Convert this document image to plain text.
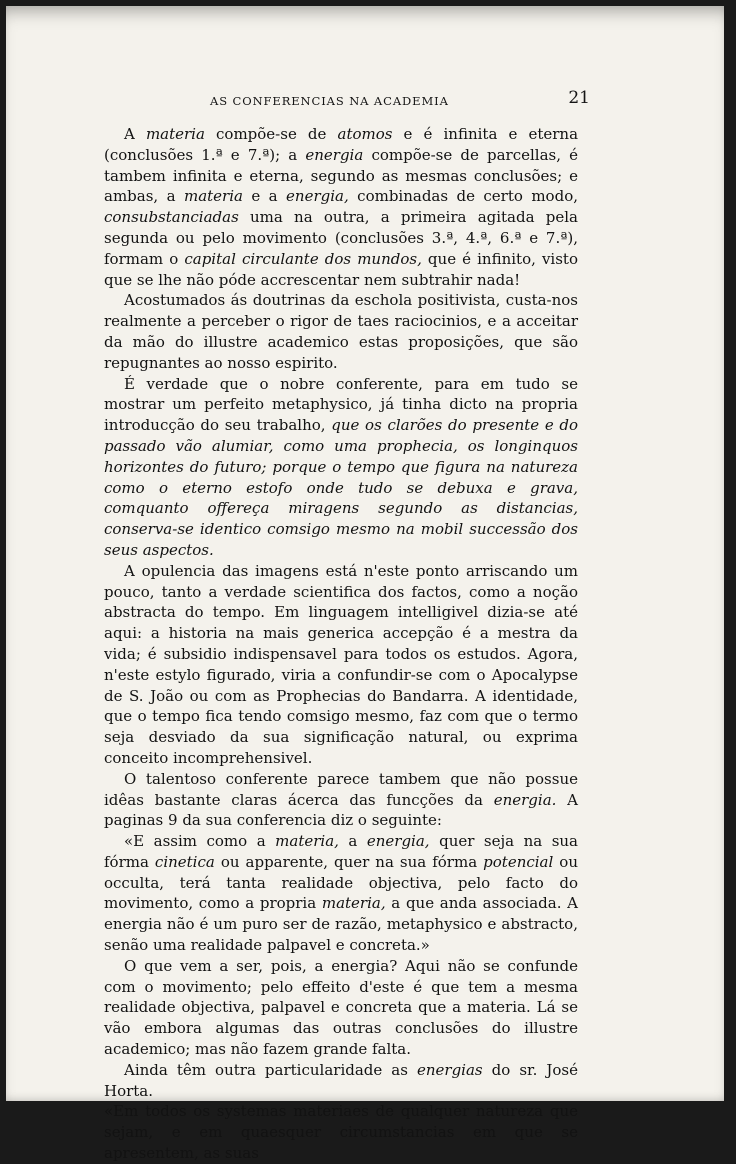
AS CONFERENCIAS NA ACADEMIA	21

A materia compõe-se de atomos e é infinita e eterna (conclusões 1.ª e 7.ª); a energia compõe-se de parcellas, é tambem infinita e eterna, segundo as mesmas conclusões; e ambas, a materia e a energia, combinadas de certo modo, consubstanciadas uma na outra, a primeira agitada pela segunda ou pelo movimento (conclusões 3.ª, 4.ª, 6.ª e 7.ª), formam o capital circulante dos mundos, que é infinito, visto que se lhe não póde accrescentar nem subtrahir nada!

Acostumados ás doutrinas da eschola positivista, custa-nos realmente a perceber o rigor de taes raciocinios, e a acceitar da mão do illustre academico estas proposições, que são repugnantes ao nosso espirito.

É verdade que o nobre conferente, para em tudo se mostrar um perfeito metaphysico, já tinha dicto na propria introducção do seu trabalho, que os clarões do presente e do passado vão alumiar, como uma prophecia, os longinquos horizontes do futuro; porque o tempo que figura na natureza como o eterno estofo onde tudo se debuxa e grava, comquanto offereça miragens segundo as distancias, conserva-se identico comsigo mesmo na mobil successão dos seus aspectos.

A opulencia das imagens está n'este ponto arriscando um pouco, tanto a verdade scientifica dos factos, como a noção abstracta do tempo. Em linguagem intelligivel dizia-se até aqui: a historia na mais generica accepção é a mestra da vida; é subsidio indispensavel para todos os estudos. Agora, n'este estylo figurado, viria a confundir-se com o Apocalypse de S. João ou com as Prophecias do Bandarra. A identidade, que o tempo fica tendo comsigo mesmo, faz com que o termo seja desviado da sua significação natural, ou exprima conceito incomprehensivel.

O talentoso conferente parece tambem que não possue idêas bastante claras ácerca das funcções da energia. A paginas 9 da sua conferencia diz o seguinte:

«E assim como a materia, a energia, quer seja na sua fórma cinetica ou apparente, quer na sua fórma potencial ou occulta, terá tanta realidade objectiva, pelo facto do movimento, como a propria materia, a que anda associada. A energia não é um puro ser de razão, metaphysico e abstracto, senão uma realidade palpavel e concreta.»

O que vem a ser, pois, a energia? Aqui não se confunde com o movimento; pelo effeito d'este é que tem a mesma realidade objectiva, palpavel e concreta que a materia. Lá se vão embora algumas das outras conclusões do illustre academico; mas não fazem grande falta.

Ainda têm outra particularidade as energias do sr. José Horta.

«Em todos os systemas materiaes de qualquer natureza que sejam, e em quaesquer circumstancias em que se apresentem, as suas
